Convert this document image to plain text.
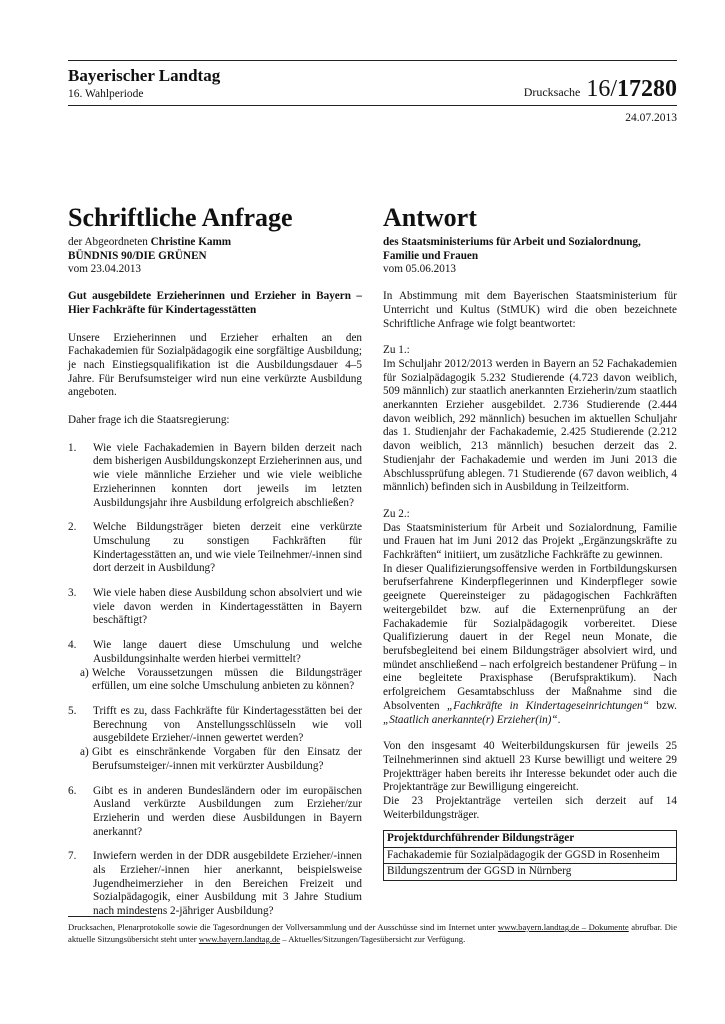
Bayerischer Landtag
16. Wahlperiode	Drucksache 16/17280
24.07.2013
Schriftliche Anfrage

der Abgeordneten Christine Kamm

BÜNDNIS 90/DIE GRÜNEN

vom 23.04.2013

Gut ausgebildete Erzieherinnen und Erzieher in Bayern – Hier Fachkräfte für Kindertagesstätten

Unsere Erzieherinnen und Erzieher erhalten an den Fachakademien für Sozialpädagogik eine sorgfältige Ausbildung; je nach Einstiegsqualifikation ist die Ausbildungsdauer 4–5 Jahre. Für Berufsumsteiger wird nun eine verkürzte Ausbildung angeboten.

Daher frage ich die Staatsregierung:

1. Wie viele Fachakademien in Bayern bilden derzeit nach dem bisherigen Ausbildungskonzept Erzieherinnen aus, und wie viele männliche Erzieher und wie viele weibliche Erzieherinnen konnten dort jeweils im letzten Ausbildungsjahr ihre Ausbildung erfolgreich abschließen?
2. Welche Bildungsträger bieten derzeit eine verkürzte Umschulung zu sonstigen Fachkräften für Kindertagesstätten an, und wie viele Teilnehmer/-innen sind dort derzeit in Ausbildung?
3. Wie viele haben diese Ausbildung schon absolviert und wie viele davon werden in Kindertagesstätten in Bayern beschäftigt?
4. Wie lange dauert diese Umschulung und welche Ausbildungsinhalte werden hierbei vermittelt?
a) Welche Voraussetzungen müssen die Bildungsträger erfüllen, um eine solche Umschulung anbieten zu können?
5. Trifft es zu, dass Fachkräfte für Kindertagesstätten bei der Berechnung von Anstellungsschlüsseln wie voll ausgebildete Erzieher/-innen gewertet werden?
a) Gibt es einschränkende Vorgaben für den Einsatz der Berufsumsteiger/-innen mit verkürzter Ausbildung?
6. Gibt es in anderen Bundesländern oder im europäischen Ausland verkürzte Ausbildungen zum Erzieher/zur Erzieherin und werden diese Ausbildungen in Bayern anerkannt?
7. Inwiefern werden in der DDR ausgebildete Erzieher/-innen als Erzieher/-innen hier anerkannt, beispielsweise Jugendheimerzieher in den Bereichen Freizeit und Sozialpädagogik, einer Ausbildung mit 3 Jahre Studium nach mindestens 2-jähriger Ausbildung?
Antwort

des Staatsministeriums für Arbeit und Sozialordnung, Familie und Frauen

vom 05.06.2013

In Abstimmung mit dem Bayerischen Staatsministerium für Unterricht und Kultus (StMUK) wird die oben bezeichnete Schriftliche Anfrage wie folgt beantwortet:

Zu 1.:

Im Schuljahr 2012/2013 werden in Bayern an 52 Fachakademien für Sozialpädagogik 5.232 Studierende (4.723 davon weiblich, 509 männlich) zur staatlich anerkannten Erzieherin/zum staatlich anerkannten Erzieher ausgebildet. 2.736 Studierende (2.444 davon weiblich, 292 männlich) besuchen im aktuellen Schuljahr das 1. Studienjahr der Fachakademie, 2.425 Studierende (2.212 davon weiblich, 213 männlich) besuchen derzeit das 2. Studienjahr der Fachakademie und werden im Juni 2013 die Abschlussprüfung ablegen. 71 Studierende (67 davon weiblich, 4 männlich) befinden sich in Ausbildung in Teilzeitform.

Zu 2.:

Das Staatsministerium für Arbeit und Sozialordnung, Familie und Frauen hat im Juni 2012 das Projekt „Ergänzungskräfte zu Fachkräften“ initiiert, um zusätzliche Fachkräfte zu gewinnen.

In dieser Qualifizierungsoffensive werden in Fortbildungskursen berufserfahrene Kinderpflegerinnen und Kinderpfleger sowie geeignete Quereinsteiger zu pädagogischen Fachkräften weitergebildet bzw. auf die Externenprüfung an der Fachakademie für Sozialpädagogik vorbereitet. Diese Qualifizierung dauert in der Regel neun Monate, die berufsbegleitend bei einem Bildungsträger absolviert wird, und mündet anschließend – nach erfolgreich bestandener Prüfung – in eine begleitete Praxisphase (Berufspraktikum). Nach erfolgreichem Gesamtabschluss der Maßnahme sind die Absolventen „Fachkräfte in Kindertageseinrichtungen“ bzw. „Staatlich anerkannte(r) Erzieher(in)“.

Von den insgesamt 40 Weiterbildungskursen für jeweils 25 Teilnehmerinnen sind aktuell 23 Kurse bewilligt und weitere 29 Projektträger haben bereits ihr Interesse bekundet oder auch die Projektanträge zur Bewilligung eingereicht.

Die 23 Projektanträge verteilen sich derzeit auf 14 Weiterbildungsträger.

Projektdurchführender Bildungsträger
Fachakademie für Sozialpädagogik der GGSD in Rosenheim
Bildungszentrum der GGSD in Nürnberg
Drucksachen, Plenarprotokolle sowie die Tagesordnungen der Vollversammlung und der Ausschüsse sind im Internet unter www.bayern.landtag.de – Dokumente abrufbar. Die aktuelle Sitzungsübersicht steht unter www.bayern.landtag.de – Aktuelles/Sitzungen/Tagesübersicht zur Verfügung.
